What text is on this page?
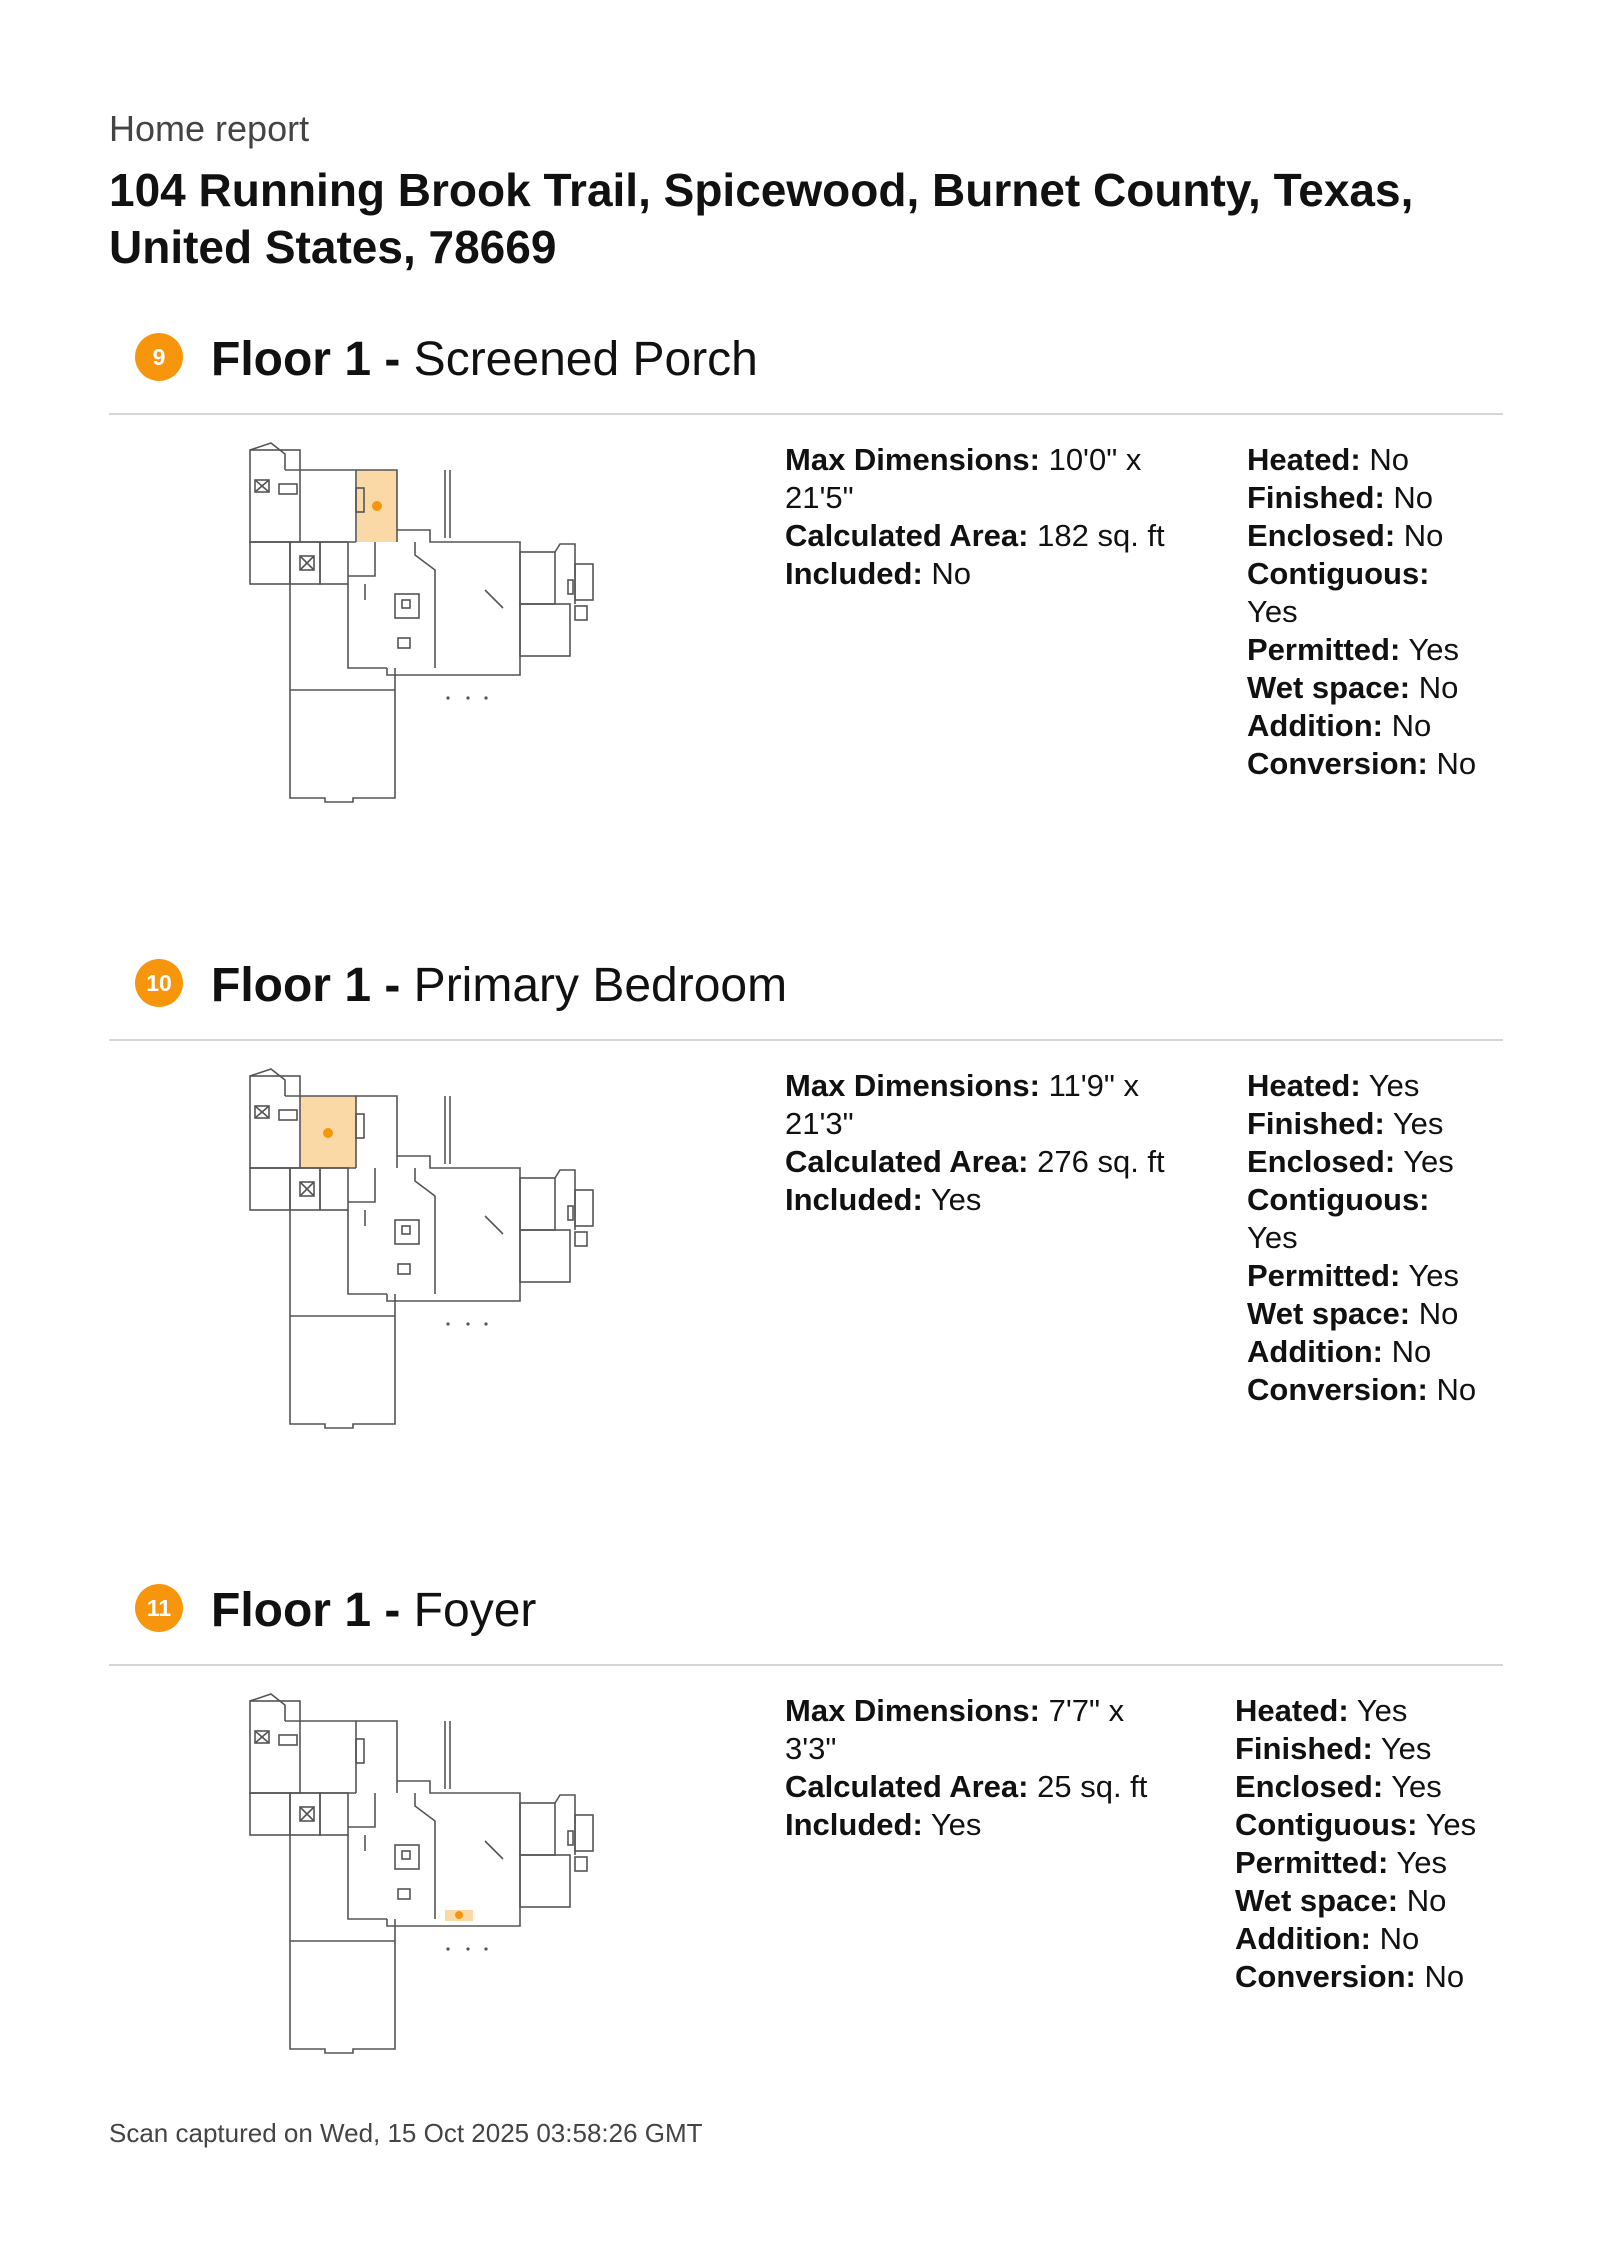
Home report
104 Running Brook Trail, Spicewood, Burnet County, Texas, United States, 78669
9 Floor 1 - Screened Porch
Max Dimensions: 10'0" x 21'5"
Calculated Area: 182 sq. ft
Included: No
Heated: No
Finished: No
Enclosed: No
Contiguous: Yes
Permitted: Yes
Wet space: No
Addition: No
Conversion: No
10 Floor 1 - Primary Bedroom
Max Dimensions: 11'9" x 21'3"
Calculated Area: 276 sq. ft
Included: Yes
Heated: Yes
Finished: Yes
Enclosed: Yes
Contiguous: Yes
Permitted: Yes
Wet space: No
Addition: No
Conversion: No
11 Floor 1 - Foyer
Max Dimensions: 7'7" x 3'3"
Calculated Area: 25 sq. ft
Included: Yes
Heated: Yes
Finished: Yes
Enclosed: Yes
Contiguous: Yes
Permitted: Yes
Wet space: No
Addition: No
Conversion: No
Scan captured on Wed, 15 Oct 2025 03:58:26 GMT
